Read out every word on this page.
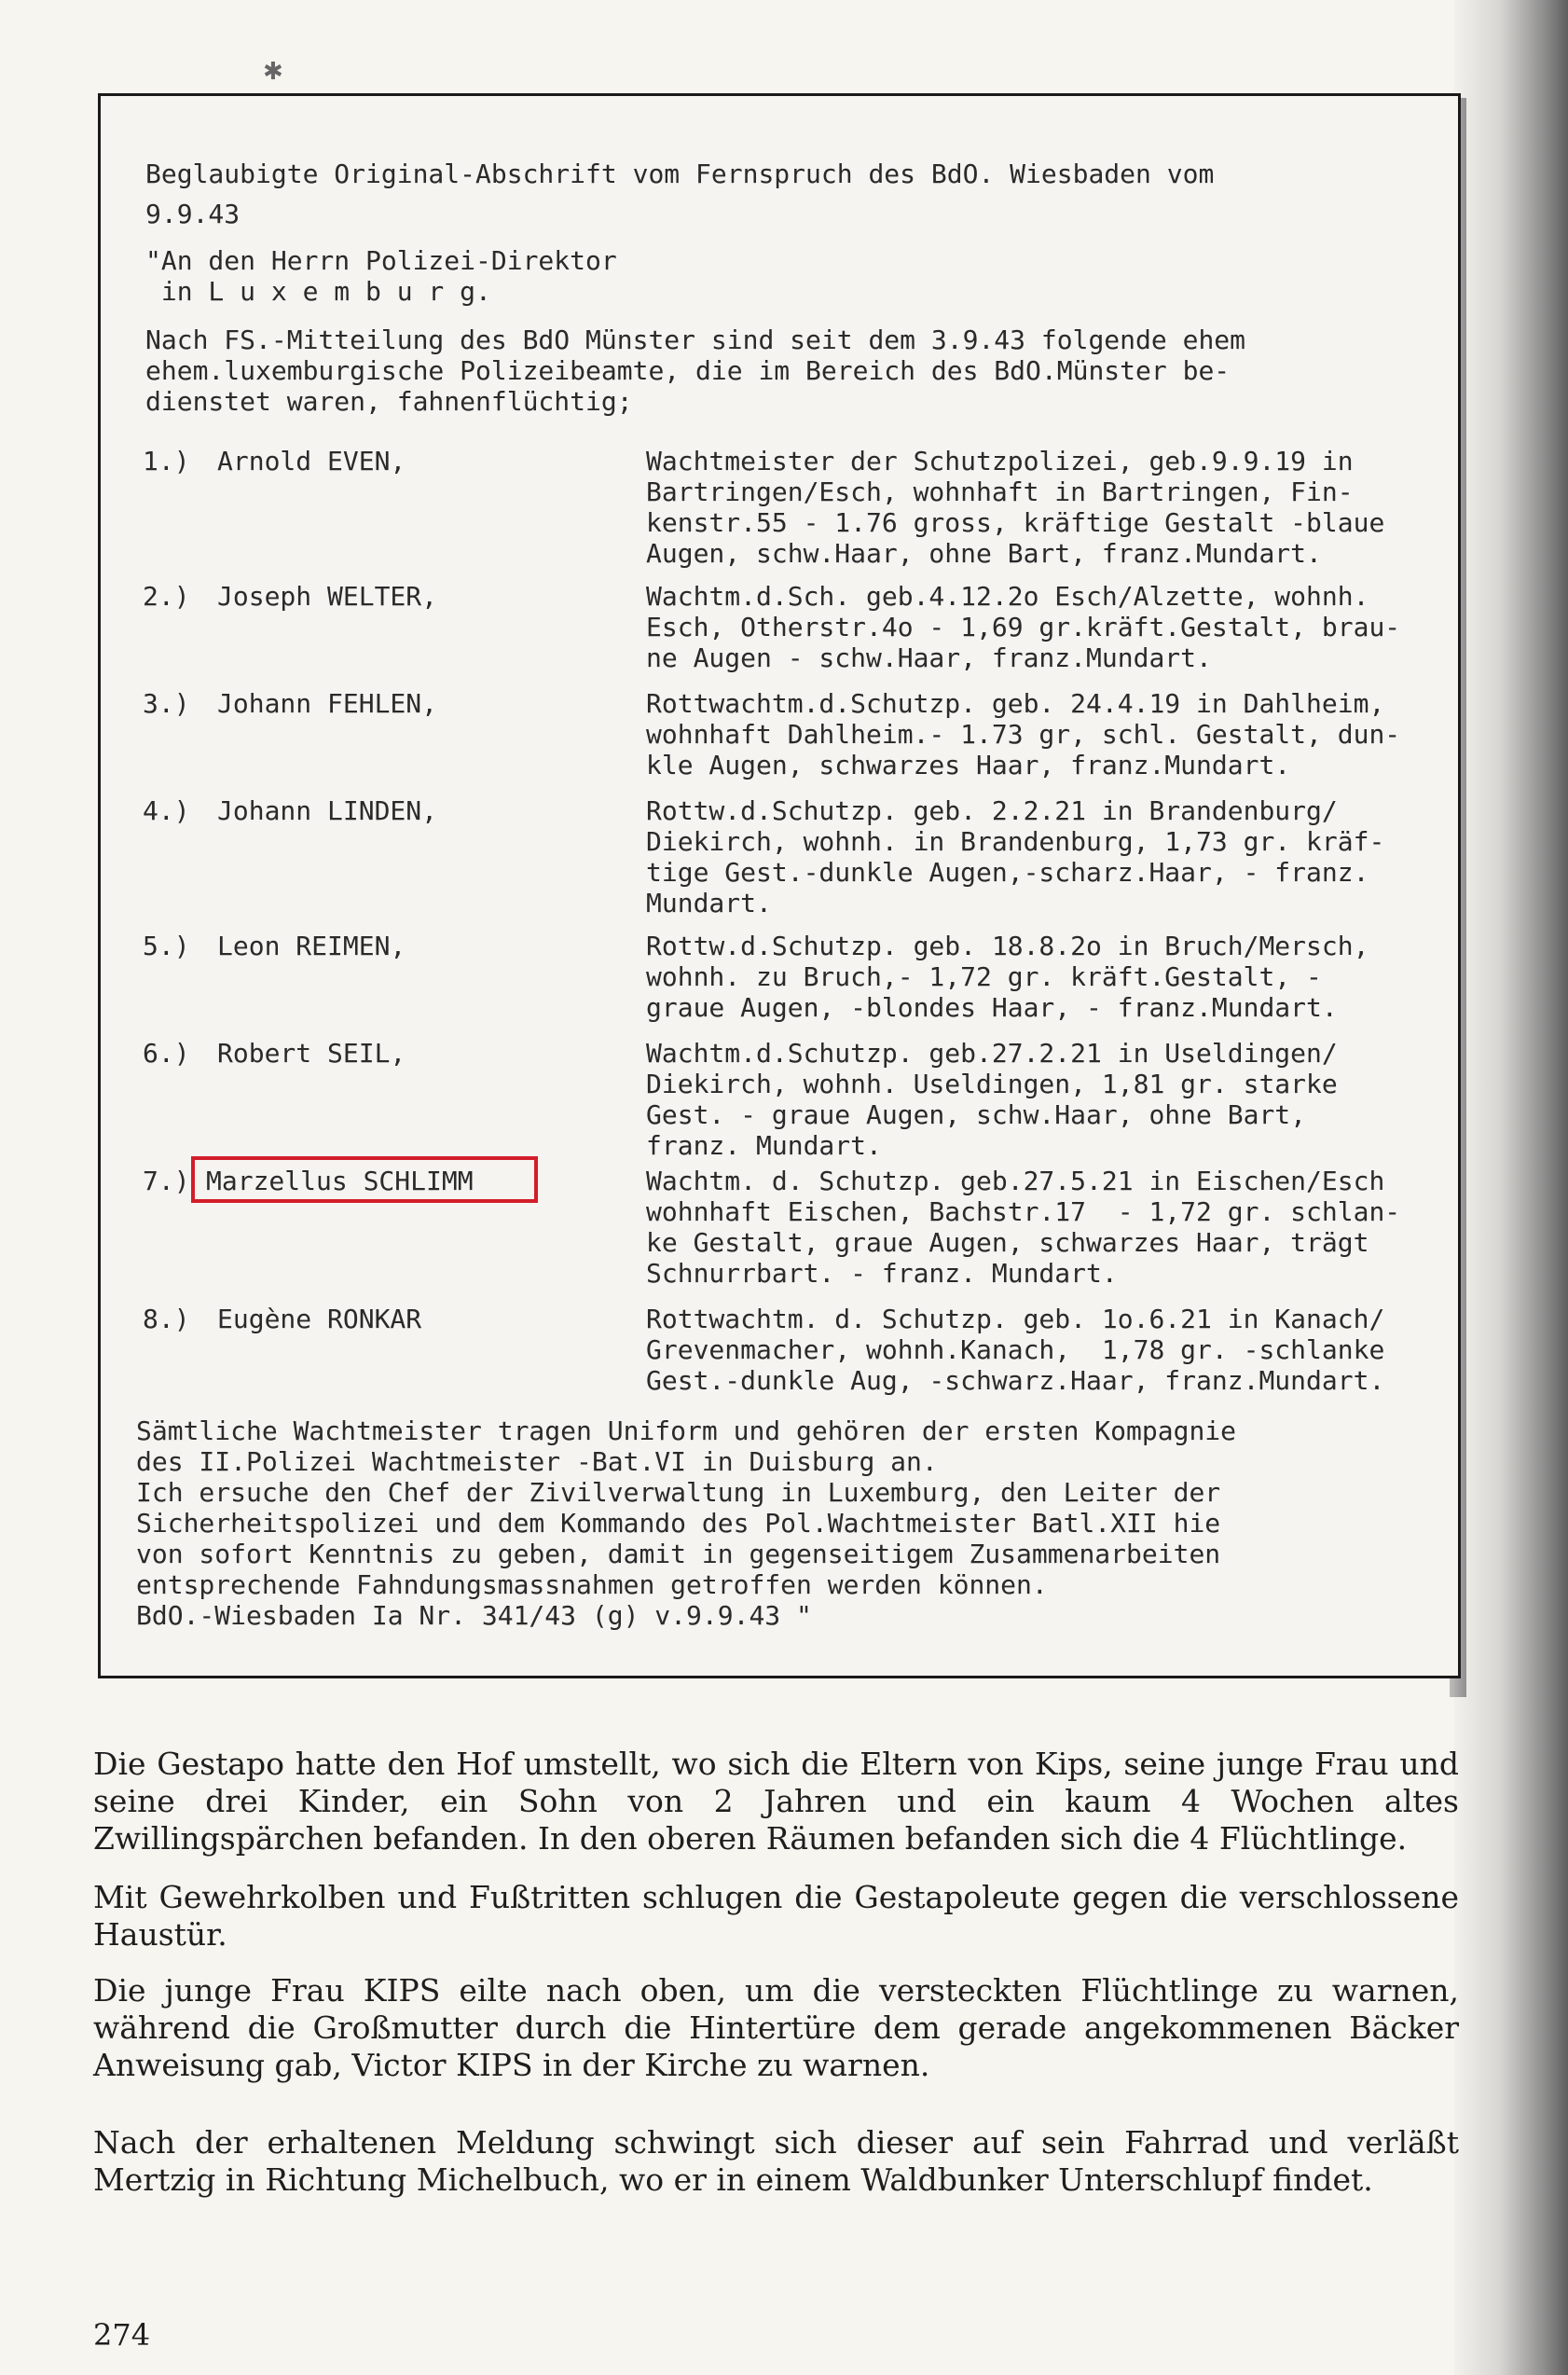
✱
Beglaubigte Original-Abschrift vom Fernspruch des BdO. Wiesbaden vom
9.9.43
"An den Herrn Polizei-Direktor
in L u x e m b u r g.
Nach FS.-Mitteilung des BdO Münster sind seit dem 3.9.43 folgende ehem
ehem.luxemburgische Polizeibeamte, die im Bereich des BdO.Münster be-
dienstet waren, fahnenflüchtig;
1.) Arnold EVEN,	Wachtmeister der Schutzpolizei, geb.9.9.19 in
Bartringen/Esch, wohnhaft in Bartringen, Fin-
kenstr.55 - 1.76 gross, kräftige Gestalt -blaue
Augen, schw.Haar, ohne Bart, franz.Mundart.
2.) Joseph WELTER,	Wachtm.d.Sch. geb.4.12.2o Esch/Alzette, wohnh.
Esch, Otherstr.4o - 1,69 gr.kräft.Gestalt, brau-
ne Augen - schw.Haar, franz.Mundart.
3.) Johann FEHLEN,	Rottwachtm.d.Schutzp. geb. 24.4.19 in Dahlheim,
wohnhaft Dahlheim.- 1.73 gr, schl. Gestalt, dun-
kle Augen, schwarzes Haar, franz.Mundart.
4.) Johann LINDEN,	Rottw.d.Schutzp. geb. 2.2.21 in Brandenburg/
Diekirch, wohnh. in Brandenburg, 1,73 gr. kräf-
tige Gest.-dunkle Augen,-scharz.Haar, - franz.
Mundart.
5.) Leon REIMEN,	Rottw.d.Schutzp. geb. 18.8.2o in Bruch/Mersch,
wohnh. zu Bruch,- 1,72 gr. kräft.Gestalt, -
graue Augen, -blondes Haar, - franz.Mundart.
6.) Robert SEIL,	Wachtm.d.Schutzp. geb.27.2.21 in Useldingen/
Diekirch, wohnh. Useldingen, 1,81 gr. starke
Gest. - graue Augen, schw.Haar, ohne Bart,
franz. Mundart.
7.) Marzellus SCHLIMM	Wachtm. d. Schutzp. geb.27.5.21 in Eischen/Esch
wohnhaft Eischen, Bachstr.17  - 1,72 gr. schlan-
ke Gestalt, graue Augen, schwarzes Haar, trägt
Schnurrbart. - franz. Mundart.
8.) Eugène RONKAR	Rottwachtm. d. Schutzp. geb. 1o.6.21 in Kanach/
Grevenmacher, wohnh.Kanach,  1,78 gr. -schlanke
Gest.-dunkle Aug, -schwarz.Haar, franz.Mundart.
Sämtliche Wachtmeister tragen Uniform und gehören der ersten Kompagnie
des II.Polizei Wachtmeister -Bat.VI in Duisburg an.
Ich ersuche den Chef der Zivilverwaltung in Luxemburg, den Leiter der
Sicherheitspolizei und dem Kommando des Pol.Wachtmeister Batl.XII hie
von sofort Kenntnis zu geben, damit in gegenseitigem Zusammenarbeiten
entsprechende Fahndungsmassnahmen getroffen werden können.
BdO.-Wiesbaden Ia Nr. 341/43 (g) v.9.9.43 "
Die Gestapo hatte den Hof umstellt, wo sich die Eltern von Kips, seine junge Frau und seine drei Kinder, ein Sohn von 2 Jahren und ein kaum 4 Wochen altes Zwillingspärchen befanden. In den oberen Räumen befanden sich die 4 Flüchtlinge.
Mit Gewehrkolben und Fußtritten schlugen die Gestapoleute gegen die verschlossene Haustür.
Die junge Frau KIPS eilte nach oben, um die versteckten Flüchtlinge zu warnen, während die Großmutter durch die Hintertüre dem gerade angekommenen Bäcker Anweisung gab, Victor KIPS in der Kirche zu warnen.
Nach der erhaltenen Meldung schwingt sich dieser auf sein Fahrrad und verläßt Mertzig in Richtung Michelbuch, wo er in einem Waldbunker Unterschlupf findet.
274
